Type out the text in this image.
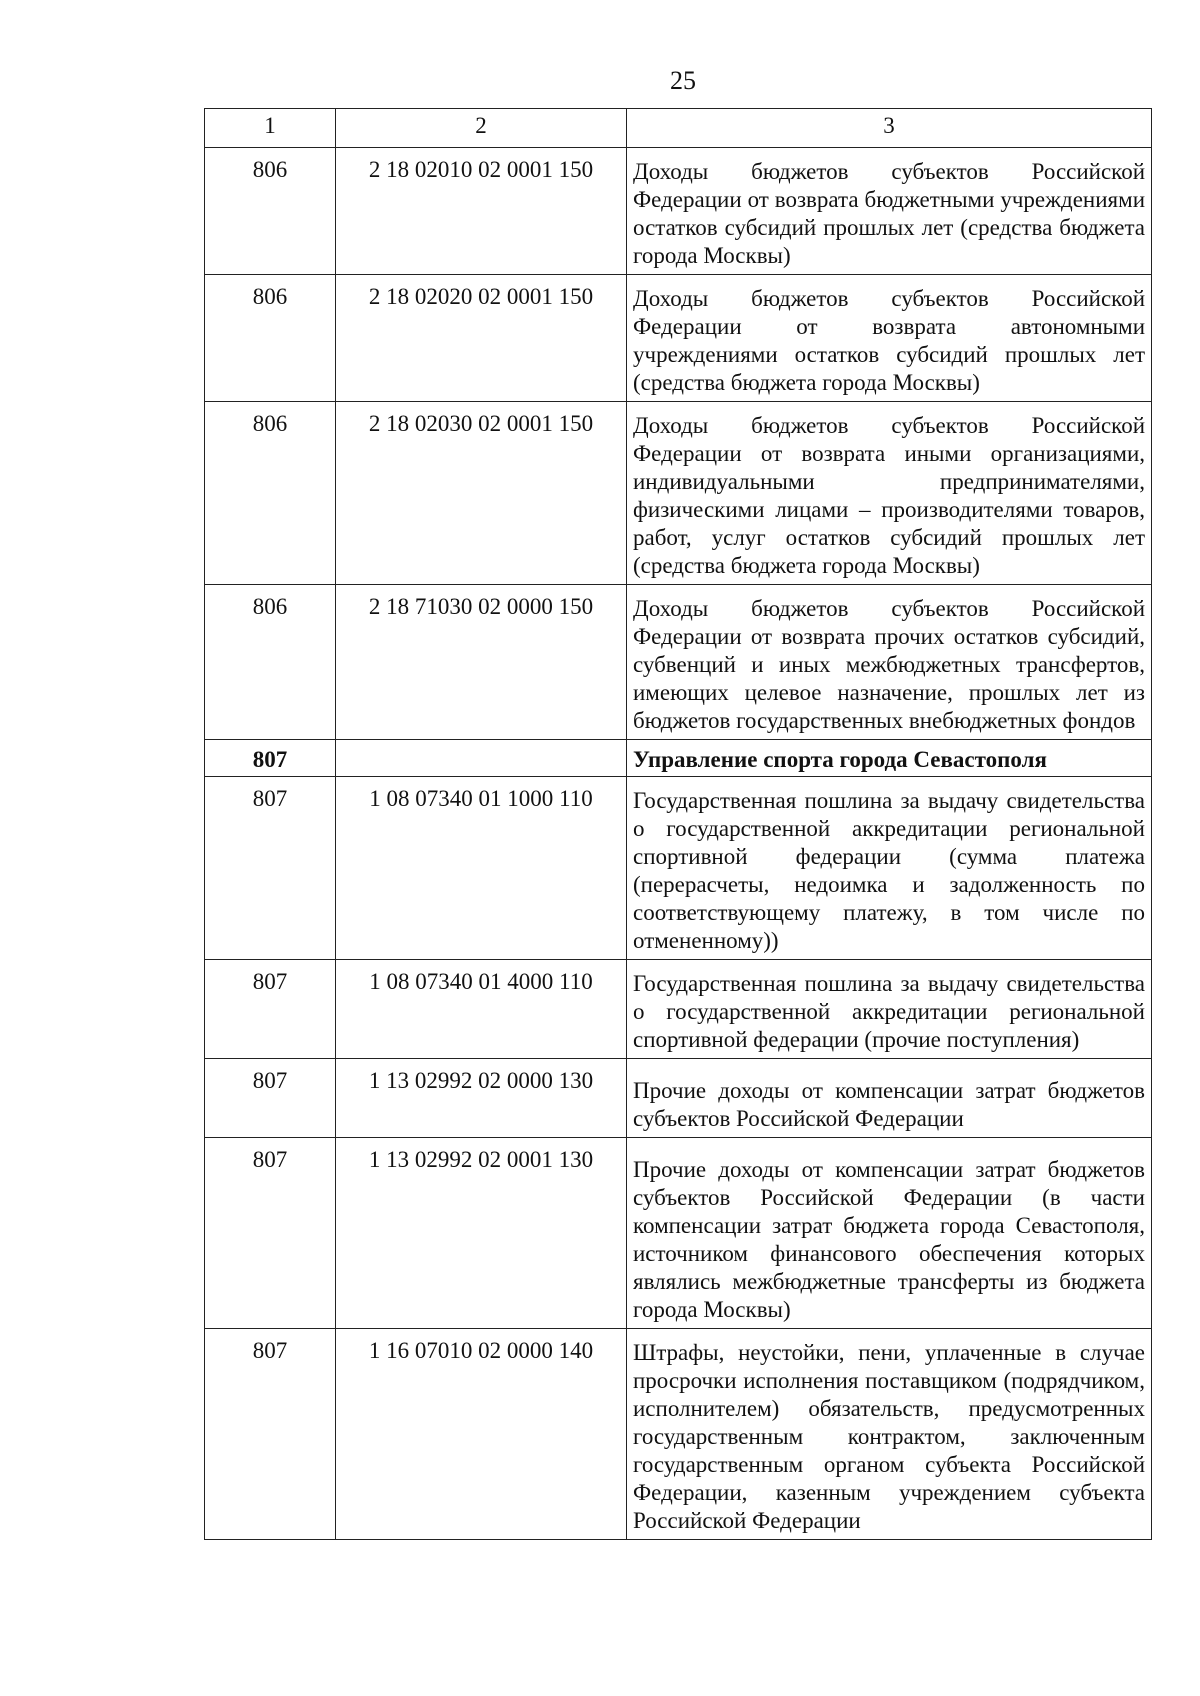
25
1	2	3
806	2 18 02010 02 0001 150	Доходы бюджетов субъектов Российской Федерации от возврата бюджетными учреждениями остатков субсидий прошлых лет (средства бюджета города Москвы)
806	2 18 02020 02 0001 150	Доходы бюджетов субъектов Российской Федерации от возврата автономными учреждениями остатков субсидий прошлых лет (средства бюджета города Москвы)
806	2 18 02030 02 0001 150	Доходы бюджетов субъектов Российской Федерации от возврата иными организациями, индивидуальными предпринимателями, физическими лицами – производителями товаров, работ, услуг остатков субсидий прошлых лет (средства бюджета города Москвы)
806	2 18 71030 02 0000 150	Доходы бюджетов субъектов Российской Федерации от возврата прочих остатков субсидий, субвенций и иных межбюджетных трансфертов, имеющих целевое назначение, прошлых лет из бюджетов государственных внебюджетных фондов
807		Управление спорта города Севастополя
807	1 08 07340 01 1000 110	Государственная пошлина за выдачу свидетельства о государственной аккредитации региональной спортивной федерации (сумма платежа (перерасчеты, недоимка и задолженность по соответствующему платежу, в том числе по отмененному))
807	1 08 07340 01 4000 110	Государственная пошлина за выдачу свидетельства о государственной аккредитации региональной спортивной федерации (прочие поступления)
807	1 13 02992 02 0000 130	Прочие доходы от компенсации затрат бюджетов субъектов Российской Федерации
807	1 13 02992 02 0001 130	Прочие доходы от компенсации затрат бюджетов субъектов Российской Федерации (в части компенсации затрат бюджета города Севастополя, источником финансового обеспечения которых являлись межбюджетные трансферты из бюджета города Москвы)
807	1 16 07010 02 0000 140	Штрафы, неустойки, пени, уплаченные в случае просрочки исполнения поставщиком (подрядчиком, исполнителем) обязательств, предусмотренных государственным контрактом, заключенным государственным органом субъекта Российской Федерации, казенным учреждением субъекта Российской Федерации
